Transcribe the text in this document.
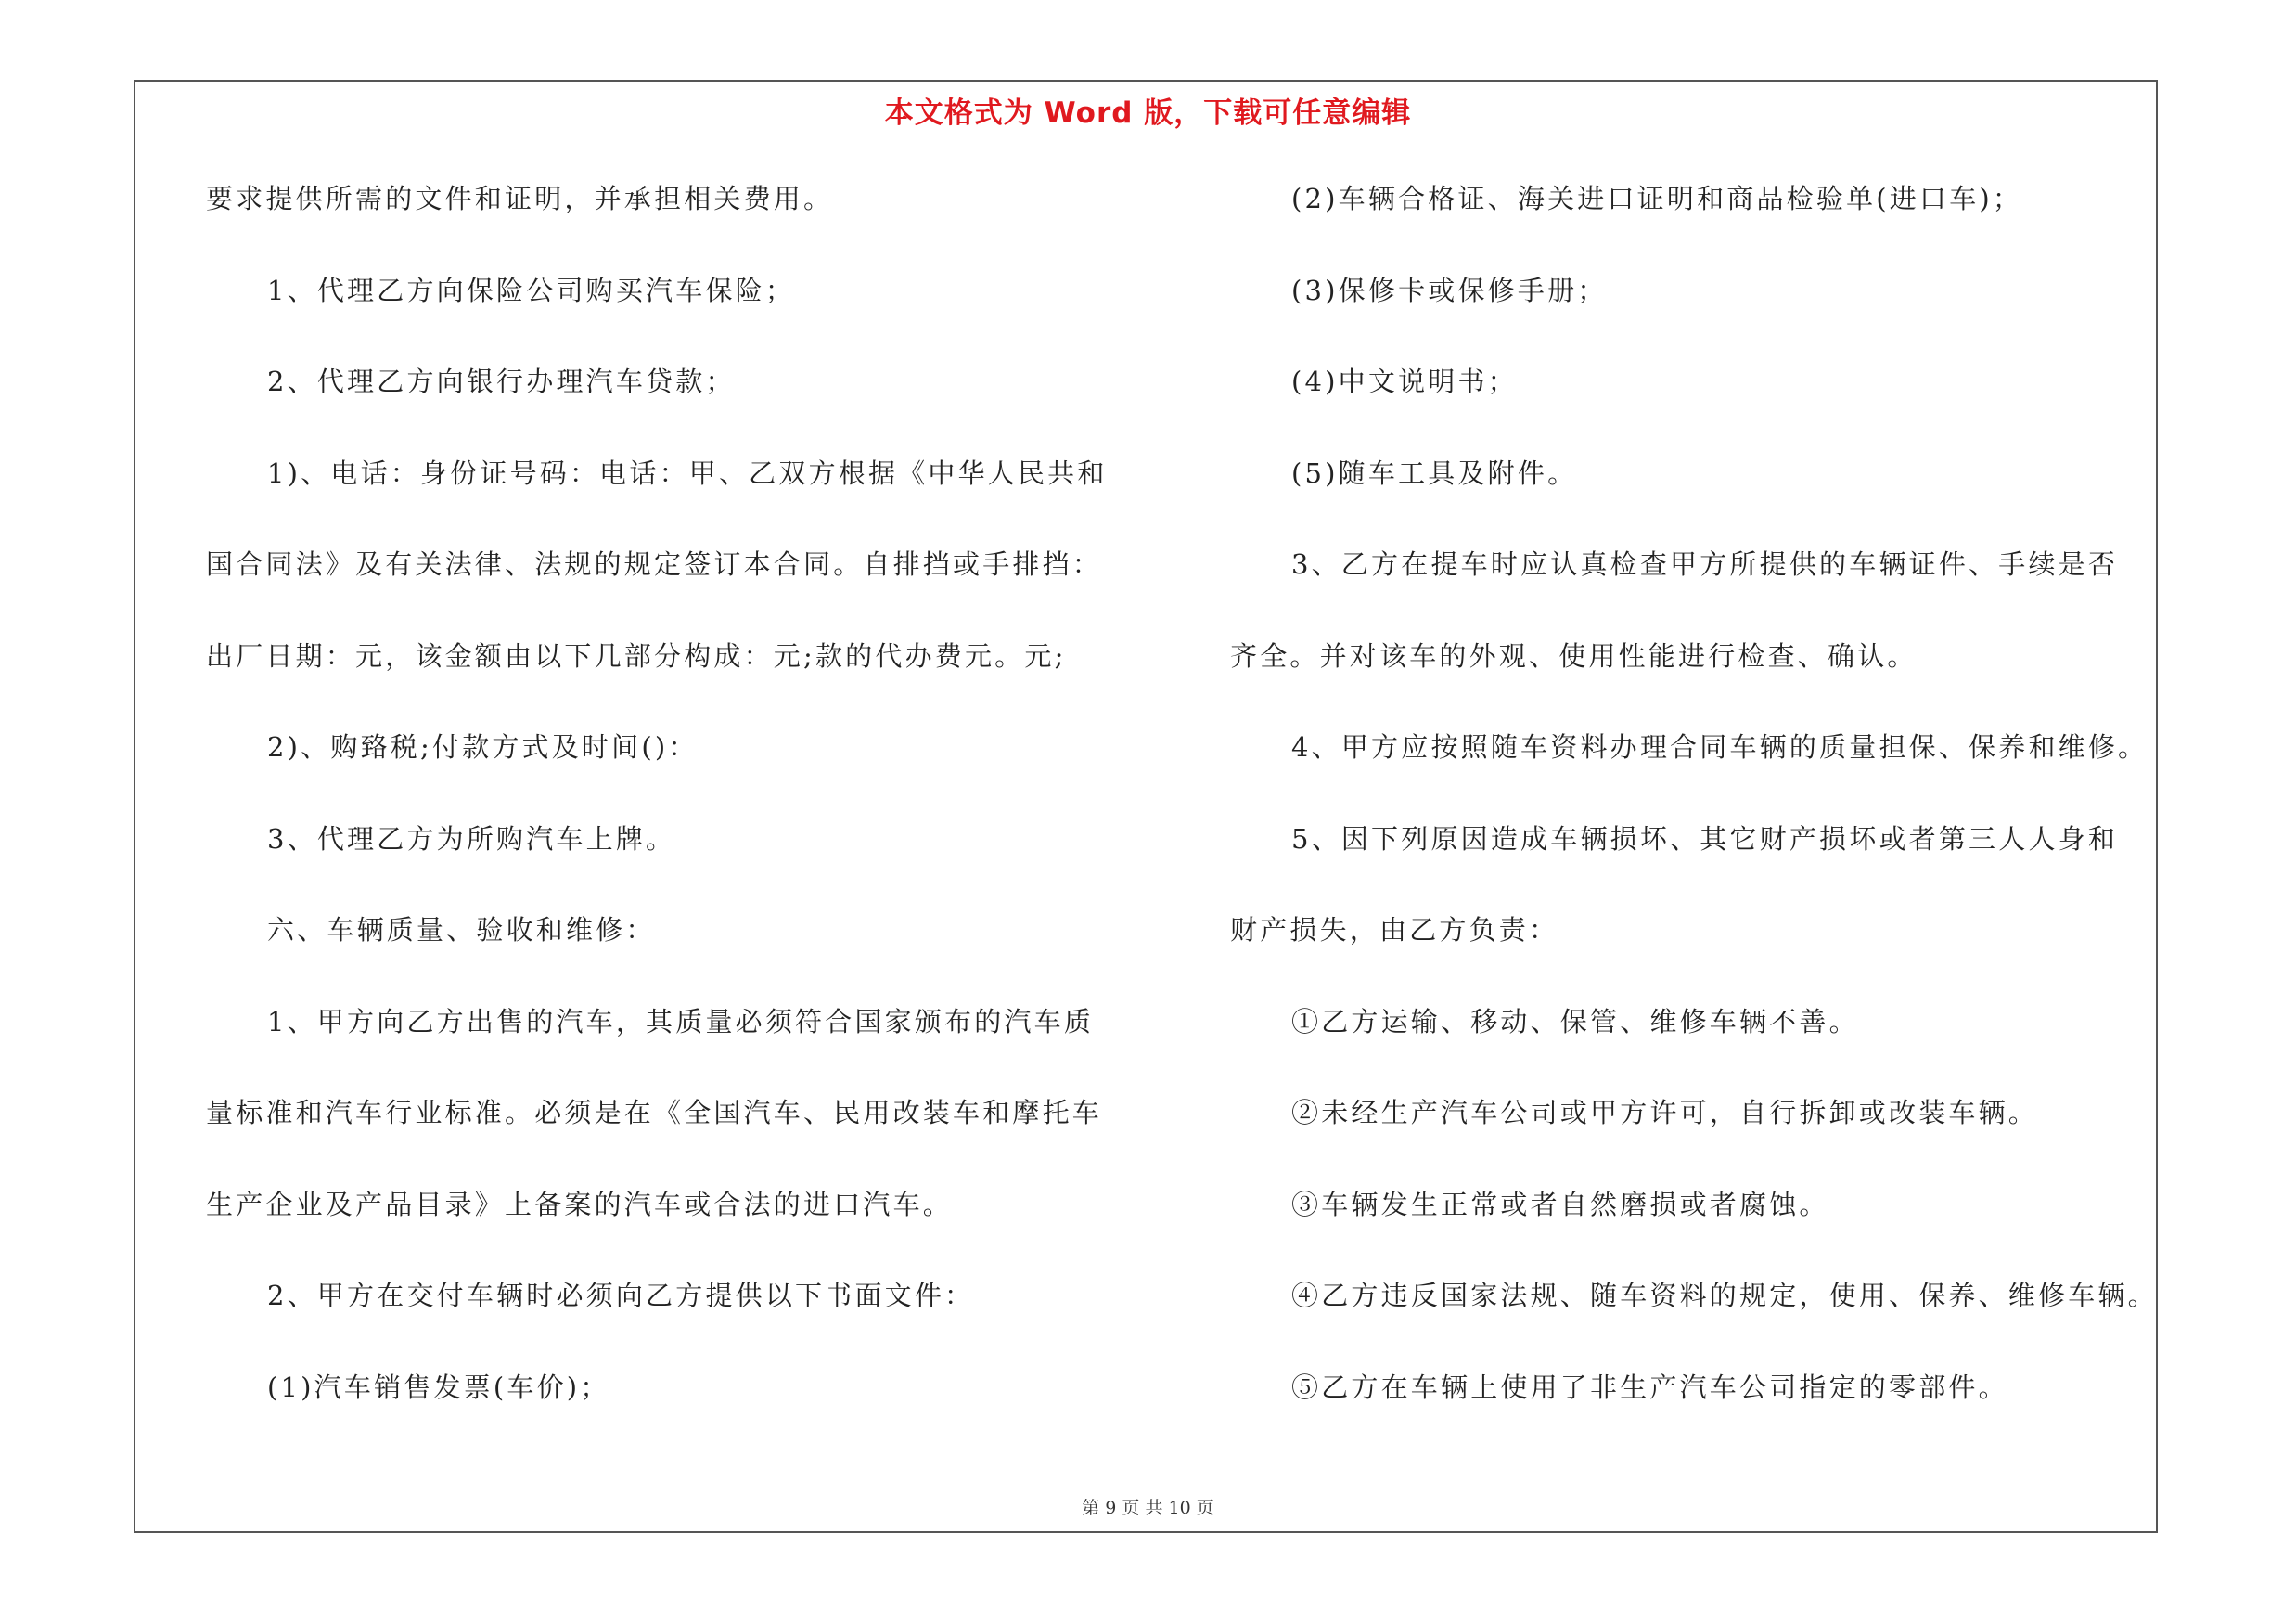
本文格式为 Word 版，下载可任意编辑
要求提供所需的文件和证明，并承担相关费用。
1、代理乙方向保险公司购买汽车保险；
2、代理乙方向银行办理汽车贷款；
1)、电话：身份证号码：电话：甲、乙双方根据《中华人民共和
国合同法》及有关法律、法规的规定签订本合同。自排挡或手排挡：
出厂日期：元，该金额由以下几部分构成：元;款的代办费元。元;
2)、购臵税;付款方式及时间()：
3、代理乙方为所购汽车上牌。
六、车辆质量、验收和维修：
1、甲方向乙方出售的汽车，其质量必须符合国家颁布的汽车质
量标准和汽车行业标准。必须是在《全国汽车、民用改装车和摩托车
生产企业及产品目录》上备案的汽车或合法的进口汽车。
2、甲方在交付车辆时必须向乙方提供以下书面文件：
(1)汽车销售发票(车价)；
(2)车辆合格证、海关进口证明和商品检验单(进口车)；
(3)保修卡或保修手册；
(4)中文说明书；
(5)随车工具及附件。
3、乙方在提车时应认真检查甲方所提供的车辆证件、手续是否
齐全。并对该车的外观、使用性能进行检查、确认。
4、甲方应按照随车资料办理合同车辆的质量担保、保养和维修。
5、因下列原因造成车辆损坏、其它财产损坏或者第三人人身和
财产损失，由乙方负责：
①乙方运输、移动、保管、维修车辆不善。
②未经生产汽车公司或甲方许可，自行拆卸或改装车辆。
③车辆发生正常或者自然磨损或者腐蚀。
④乙方违反国家法规、随车资料的规定，使用、保养、维修车辆。
⑤乙方在车辆上使用了非生产汽车公司指定的零部件。
第 9 页 共 10 页
